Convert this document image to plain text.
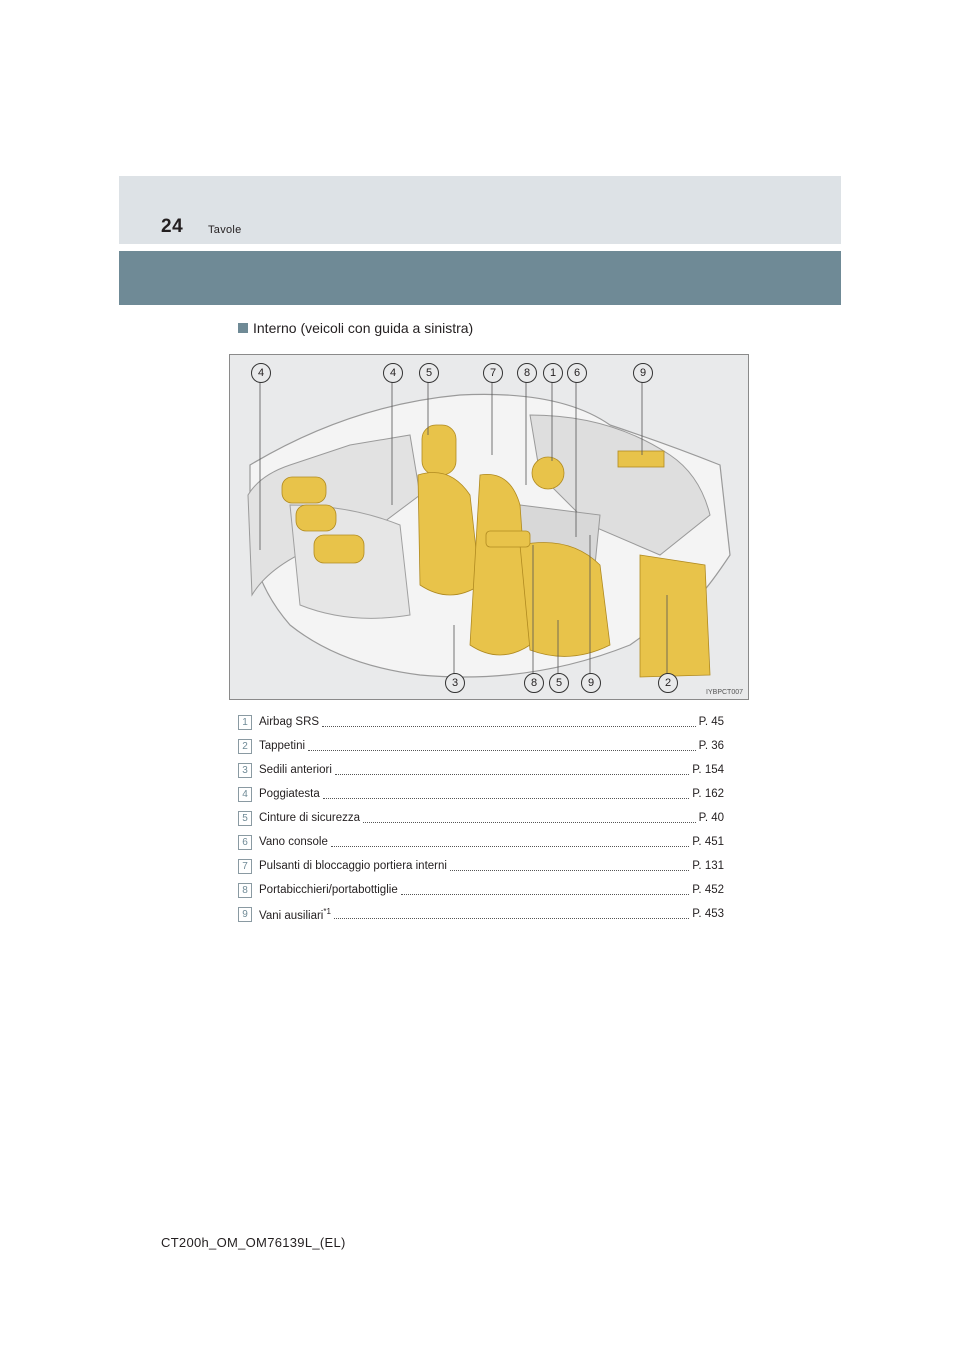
24 Tavole
Interno (veicoli con guida a sinistra)
4	4	5	7	8	1	6	9
3	8	5	9	2
IYBPCT007
1 Airbag SRS	P. 45
2 Tappetini	P. 36
3 Sedili anteriori	P. 154
4 Poggiatesta	P. 162
5 Cinture di sicurezza	P. 40
6 Vano console	P. 451
7 Pulsanti di bloccaggio portiera interni	P. 131
8 Portabicchieri/portabottiglie	P. 452
9 Vani ausiliari$^{*1}$	P. 453
CT200h_OM_OM76139L_(EL)
